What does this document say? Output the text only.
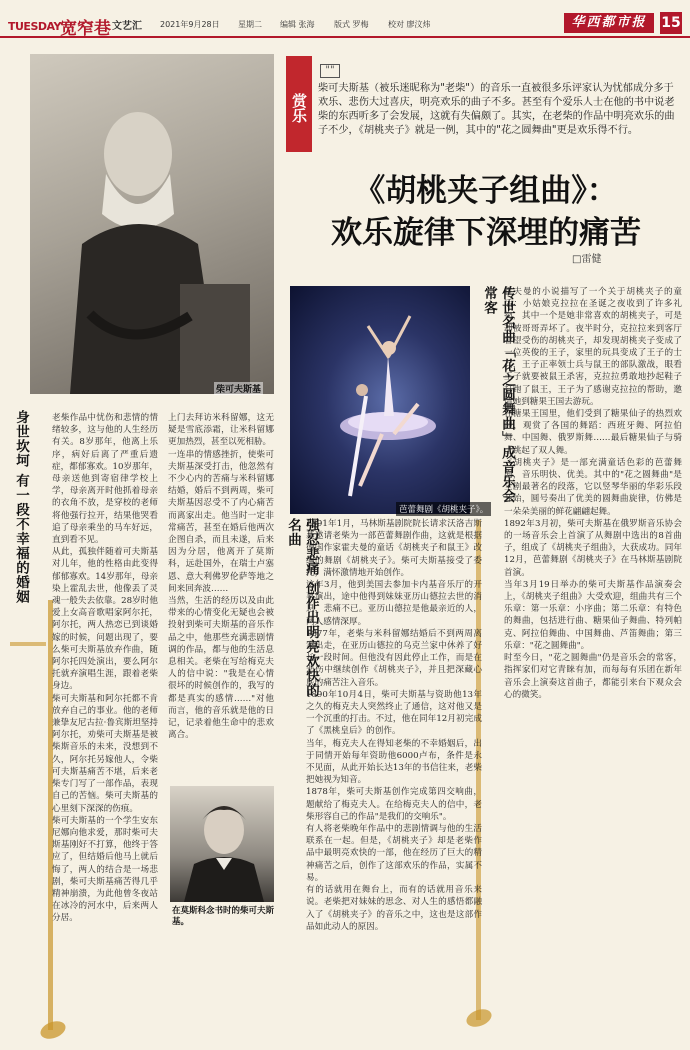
TUESDAY 宽窄巷 文艺汇 2021年9月28日 星期二 编辑 张海 版式 罗梅 校对 廖汶炜	华西都市报	15
柴可夫斯基
赏乐
""

柴可夫斯基（被乐迷昵称为"老柴"）的音乐一直被很多乐评家认为忧郁成分多于欢乐、悲伤大过喜庆，明亮欢乐的曲子不多。甚至有个爱乐人士在他的书中说老柴的东西听多了会发展，这就有失偏颇了。其实，在老柴的作品中明亮欢乐的曲子不少，《胡桃夹子》就是一例，其中的"花之圆舞曲"更是欢乐得不行。

《胡桃夹子组曲》：
欢乐旋律下深埋的痛苦
□雷健
芭蕾舞剧《胡桃夹子》。

在莫斯科念书时的柴可夫斯基。

身世坎坷 有一段不幸福的婚姻
强忍悲痛 创作出明亮欢快的名曲
传世名曲「花之圆舞曲」成音乐会常客
老柴作品中忧伤和悲情的情绪较多，这与他的人生经历有关。8岁那年，他离上乐序，病好后离了严重后遗症，都郁寡欢。10岁那年，母亲送他到寄宿律学校上学，母亲离开时他抓着母亲的衣角不放，是穿校的老师将他强行拉开，结果他哭看追了母亲乘坐的马车好远，直到看不见。
从此，孤独伴随着可夫斯基对儿年，他的性格由此变得郁郁寡欢。14岁那年，母亲染上霍乱去世，他像丢了灵魂一般失去依靠。28岁时他爱上女高音歌唱家阿尔托，阿尔托，两人热恋已到谈婚嫁的时候，问题出现了，要么柴可夫斯基放弃作曲，随阿尔托四处演出，要么阿尔托就弃演唱生涯，跟着老柴身边。
柴可夫斯基和阿尔托都不肯放弃自己的事业。他的老师兼挚友尼古拉·鲁宾斯坦坚持阿尔托，劝柴可夫斯基是被柴斯音乐的未来，没想到不久，阿尔托另嫁他人，令柴可夫斯基痛苦不堪，后来老柴专门写了一部作品，表现自己的苦恼。柴可夫斯基的心里刻下深深的伤痕。
柴可夫斯基的一个学生安东尼娜向他求爱，那时柴可夫斯基刚好不打算，他终于答应了，但结婚后他马上就后悔了，两人的结合是一场悲剧，柴可夫斯基痛苦得几乎精神崩溃，为此他曾冬夜站在冰冷的河水中，后来两人分居。
上门去拜访米科留娜，这无疑是雪底添霜，让米科留娜更加热烈，甚至以死相胁。
一连串的情感挫折，使柴可夫斯基深受打击，他忽然有不少心内的苦痛与米科留娜结婚，婚后不到两周，柴可夫斯基因忍受不了内心痛苦而离家出走。他当时一定非常痛苦，甚至在婚后他两次企图自杀，而且未遂，后来因为分居，他离开了莫斯科，远赴国外，在瑞士卢塞恩、意大利佛罗伦萨等地之间来回奔波……
当然，生活的经历以及由此带来的心情变化无疑也会被投射到柴可夫斯基的音乐作品之中，他那些充满悲剧情调的作品，都与他的生活息息相关。老柴在写给梅克夫人的信中说："我是在心情很坏的时候创作的，我写的都是真实的感情……"对他而言，他的音乐就是他的日记，记录着他生命中的悲欢离合。
1891年1月，马林斯基剧院院长请求沃洛吉斯基邀请老柴为一部芭蕾舞剧作曲，这就是根据德国作家霍夫曼的童话《胡桃夹子和鼠王》改编的舞剧《胡桃夹子》。柴可夫斯基接受了委托，满怀激情地开始创作。
这年3月，他到美国去参加卡内基音乐厅的开幕演出，途中他得到妹妹亚历山德拉去世的消息，悲痛不已。亚历山德拉是他最亲近的人，两人感情深厚。
1877年，老柴与米科留娜结婚后不到两周离家出走，在亚历山德拉的乌克兰家中休养了好长一段时间。但他没有因此停止工作，而是在悲伤中继续创作《胡桃夹子》，并且把深藏心底的痛苦注入音乐。
1890年10月4日，柴可夫斯基与资助他13年之久的梅克夫人突然终止了通信，这对他又是一个沉重的打击。不过，他在同年12月初完成了《黑桃皇后》的创作。
当年，梅克夫人在得知老柴的不幸婚姻后，出于同情开始每年资助他6000卢布，条件是永不见面，从此开始长达13年的书信往来，老柴把她视为知音。
1878年，柴可夫斯基创作完成第四交响曲，题献给了梅克夫人。在给梅克夫人的信中，老柴形容自己的作品"是我们的交响乐"。
有人将老柴晚年作品中的悲剧情调与他的生活联系在一起。但是，《胡桃夹子》却是老柴作品中最明亮欢快的一部，他在经历了巨大的精神痛苦之后，创作了这部欢乐的作品，实属不易。
有的话就用在舞台上，而有的话就用音乐来说。老柴把对妹妹的思念、对人生的感悟都融入了《胡桃夹子》的音乐之中，这也是这部作品如此动人的原因。
霍夫曼的小说描写了一个关于胡桃夹子的童话：小姑娘克拉拉在圣诞之夜收到了许多礼物，其中一个是她非常喜欢的胡桃夹子，可是却被哥哥弄坏了。夜半时分，克拉拉来到客厅看望受伤的胡桃夹子，却发现胡桃夹子变成了一位英俊的王子，家里的玩具变成了王子的士兵，王子正率领士兵与鼠王的部队激战，眼看王子就要被鼠王杀害，克拉拉勇敢地抄起鞋子打跑了鼠王，王子为了感谢克拉拉的帮助，邀请她到糖果王国去游玩。
在糖果王国里，他们受到了糖果仙子的热烈欢迎，观赏了各国的舞蹈：西班牙舞、阿拉伯舞、中国舞、俄罗斯舞……最后糖果仙子与骑士跳起了双人舞。
《胡桃夹子》是一部充满童话色彩的芭蕾舞剧，音乐明快、优美。其中的"花之圆舞曲"是全剧最著名的段落，它以竖琴华丽的华彩乐段开始，圆号奏出了优美的圆舞曲旋律，仿佛是一朵朵美丽的鲜花翩翩起舞。
1892年3月初，柴可夫斯基在俄罗斯音乐协会的一场音乐会上首演了从舞剧中选出的8首曲子，组成了《胡桃夹子组曲》，大获成功。同年12月，芭蕾舞剧《胡桃夹子》在马林斯基剧院首演。
当年3月19日举办的柴可夫斯基作品演奏会上，《胡桃夹子组曲》大受欢迎，组曲共有三个乐章：第一乐章：小序曲；第二乐章：有特色的舞曲，包括进行曲、糖果仙子舞曲、特列帕克、阿拉伯舞曲、中国舞曲、芦笛舞曲；第三乐章："花之圆舞曲"。
时至今日，"花之圆舞曲"仍是音乐会的常客，指挥家们对它青睐有加，而每每有乐团在新年音乐会上演奏这首曲子，都能引来台下观众会心的微笑。
